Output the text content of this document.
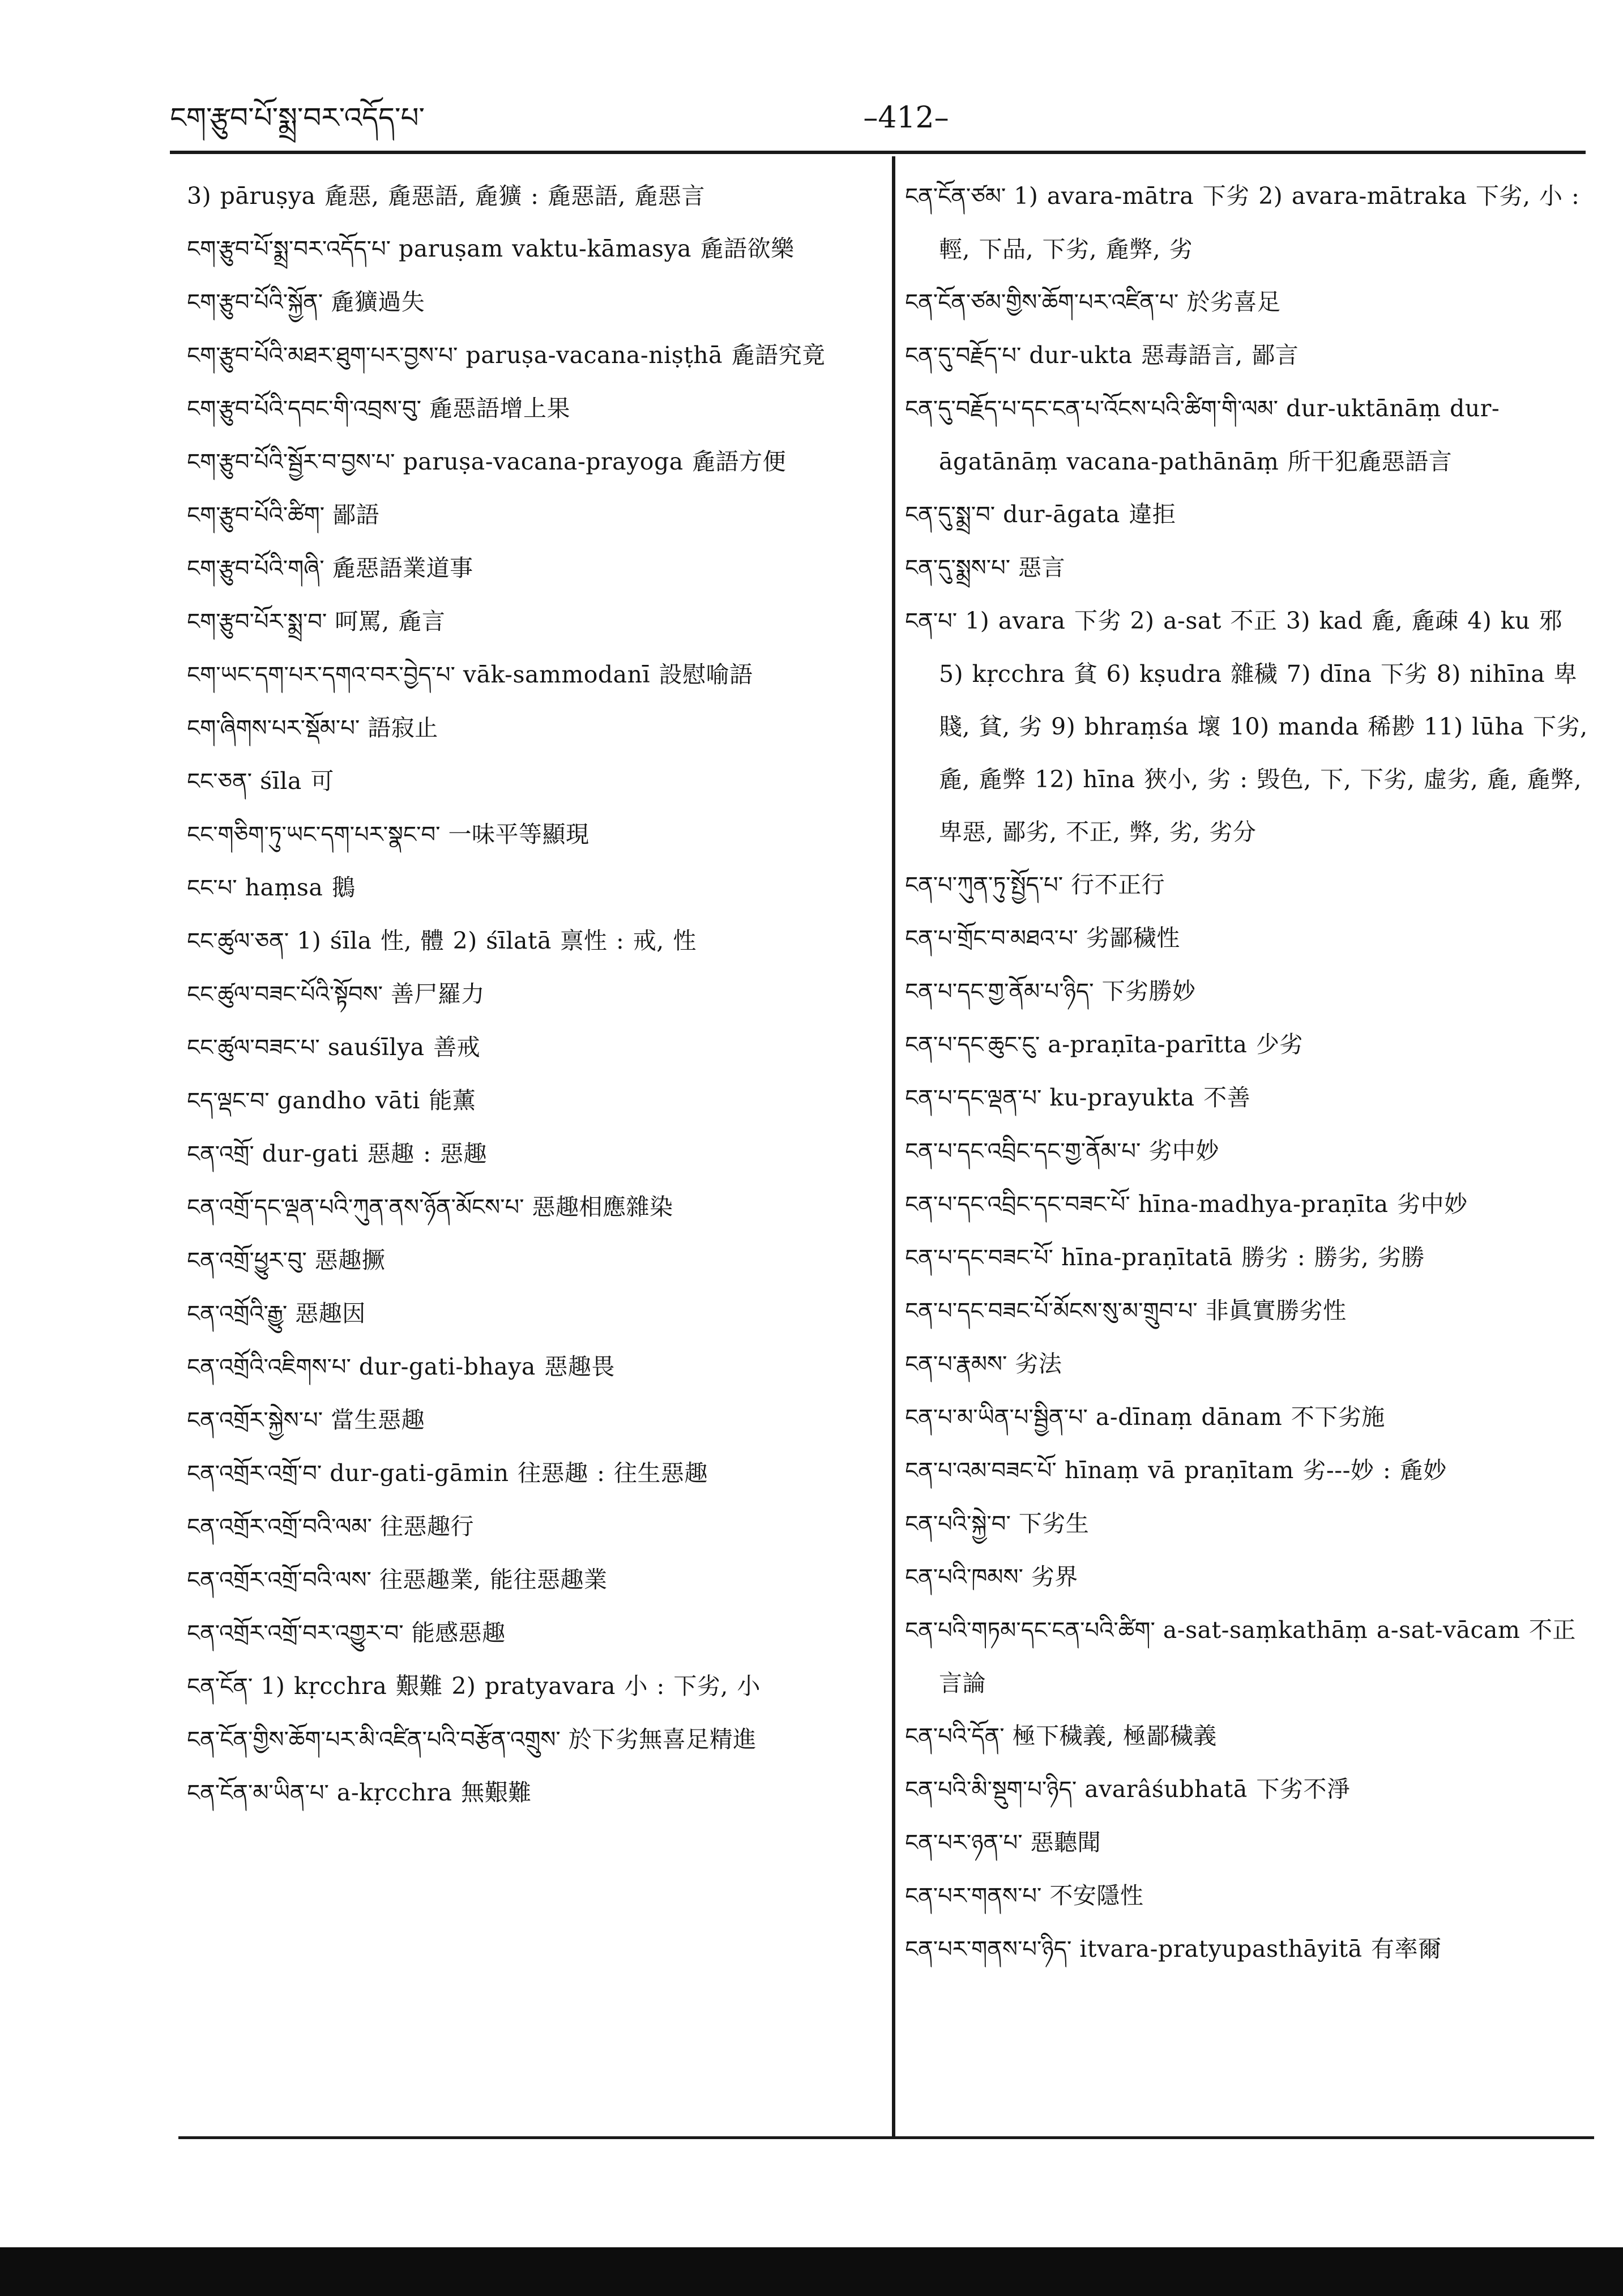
ངག་རྩུབ་པོ་སྨྲ་བར་འདོད་པ་	–412–
3) pāruṣya 麁惡, 麁惡語, 麁獷 : 麁惡語, 麁惡言
ངག་རྩུབ་པོ་སྨྲ་བར་འདོད་པ་ paruṣam vaktu-kāmasya 麁語欲樂
ངག་རྩུབ་པོའི་སྐྱོན་ 麁獷過失
ངག་རྩུབ་པོའི་མཐར་ཐུག་པར་བྱས་པ་ paruṣa-vacana-niṣṭhā 麁語究竟
ངག་རྩུབ་པོའི་དབང་གི་འབྲས་བུ་ 麁惡語增上果
ངག་རྩུབ་པོའི་སྦྱོར་བ་བྱས་པ་ paruṣa-vacana-prayoga 麁語方便
ངག་རྩུབ་པོའི་ཚིག་ 鄙語
ངག་རྩུབ་པོའི་གཞི་ 麁惡語業道事
ངག་རྩུབ་པོར་སྨྲ་བ་ 呵罵, 麁言
ངག་ཡང་དག་པར་དགའ་བར་བྱེད་པ་ vāk-sammodanī 設慰喻語
ངག་ཞིགས་པར་སྡོམ་པ་ 語寂止
ངང་ཅན་ śīla 可
ངང་གཅིག་ཏུ་ཡང་དག་པར་སྣང་བ་ 一味平等顯現
ངང་པ་ haṃsa 鵝
ངང་ཚུལ་ཅན་ 1) śīla 性, 體 2) śīlatā 禀性 : 戒, 性
ངང་ཚུལ་བཟང་པོའི་སྟོབས་ 善尸羅力
ངང་ཚུལ་བཟང་པ་ sauśīlya 善戒
ངད་ལྡང་བ་ gandho vāti 能薰
ངན་འགྲོ་ dur-gati 惡趣 : 惡趣
ངན་འགྲོ་དང་ལྡན་པའི་ཀུན་ནས་ཉོན་མོངས་པ་ 惡趣相應雜染
ངན་འགྲོ་ཕྱུར་བུ་ 惡趣撅
ངན་འགྲོའི་རྒྱུ་ 惡趣因
ངན་འགྲོའི་འཇིགས་པ་ dur-gati-bhaya 惡趣畏
ངན་འགྲོར་སྐྱེས་པ་ 當生惡趣
ངན་འགྲོར་འགྲོ་བ་ dur-gati-gāmin 往惡趣 : 往生惡趣
ངན་འགྲོར་འགྲོ་བའི་ལམ་ 往惡趣行
ངན་འགྲོར་འགྲོ་བའི་ལས་ 往惡趣業, 能往惡趣業
ངན་འགྲོར་འགྲོ་བར་འགྱུར་བ་ 能感惡趣
ངན་ངོན་ 1) kṛcchra 艱難 2) pratyavara 小 : 下劣, 小
ངན་ངོན་གྱིས་ཆོག་པར་མི་འཛིན་པའི་བརྩོན་འགྲུས་ 於下劣無喜足精進
ངན་ངོན་མ་ཡིན་པ་ a-kṛcchra 無艱難
ངན་ངོན་ཙམ་ 1) avara-mātra 下劣 2) avara-mātraka 下劣, 小 : 輕, 下品, 下劣, 麁弊, 劣
ངན་ངོན་ཙམ་གྱིས་ཆོག་པར་འཛིན་པ་ 於劣喜足
ངན་དུ་བརྗོད་པ་ dur-ukta 惡毒語言, 鄙言
ངན་དུ་བརྗོད་པ་དང་ངན་པ་འོངས་པའི་ཚིག་གི་ལམ་ dur-uktānāṃ dur-āgatānāṃ vacana-pathānāṃ 所干犯麁惡語言
ངན་དུ་སྨྲ་བ་ dur-āgata 違拒
ངན་དུ་སྨྲས་པ་ 惡言
ངན་པ་ 1) avara 下劣 2) a-sat 不正 3) kad 麁, 麁疎 4) ku 邪 5) kṛcchra 貧 6) kṣudra 雜穢 7) dīna 下劣 8) nihīna 卑賤, 貧, 劣 9) bhraṃśa 壞 10) manda 稀尠 11) lūha 下劣, 麁, 麁弊 12) hīna 狹小, 劣 : 毁色, 下, 下劣, 虛劣, 麁, 麁弊, 卑惡, 鄙劣, 不正, 弊, 劣, 劣分
ངན་པ་ཀུན་ཏུ་སྤྱོད་པ་ 行不正行
ངན་པ་གྲོང་བ་མཐའ་པ་ 劣鄙穢性
ངན་པ་དང་གྱ་ནོམ་པ་ཉིད་ 下劣勝妙
ངན་པ་དང་ཆུང་ངུ་ a-praṇīta-parītta 少劣
ངན་པ་དང་ལྡན་པ་ ku-prayukta 不善
ངན་པ་དང་འབྲིང་དང་གྱ་ནོམ་པ་ 劣中妙
ངན་པ་དང་འབྲིང་དང་བཟང་པོ་ hīna-madhya-praṇīta 劣中妙
ངན་པ་དང་བཟང་པོ་ hīna-praṇītatā 勝劣 : 勝劣, 劣勝
ངན་པ་དང་བཟང་པོ་མོངས་སུ་མ་གྲུབ་པ་ 非眞實勝劣性
ངན་པ་རྣམས་ 劣法
ངན་པ་མ་ཡིན་པ་སྦྱིན་པ་ a-dīnaṃ dānam 不下劣施
ངན་པ་འམ་བཟང་པོ་ hīnaṃ vā praṇītam 劣---妙 : 麁妙
ངན་པའི་སྐྱེ་བ་ 下劣生
ངན་པའི་ཁམས་ 劣界
ངན་པའི་གཏམ་དང་ངན་པའི་ཚིག་ a-sat-saṃkathāṃ a-sat-vācam 不正言論
ངན་པའི་དོན་ 極下穢義, 極鄙穢義
ངན་པའི་མི་སྡུག་པ་ཉིད་ avarâśubhatā 下劣不淨
ངན་པར་ཉན་པ་ 惡聽聞
ངན་པར་གནས་པ་ 不安隱性
ངན་པར་གནས་པ་ཉིད་ itvara-pratyupasthāyitā 有率爾
